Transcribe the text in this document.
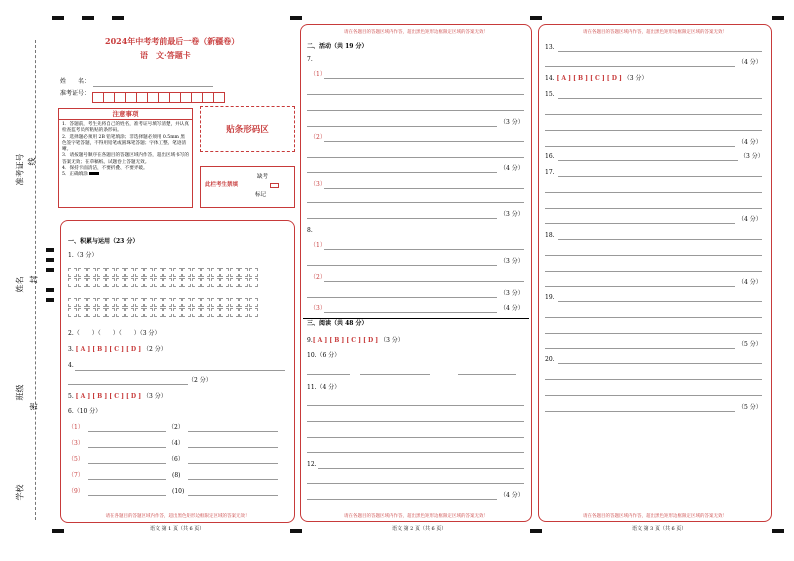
准考证号 线
姓名 封
班级
密
学校
2024年中考考前最后一卷（新疆卷）
语　文·答题卡
姓　　名：
准考证号：
注意事项
1．答题前，考生先将自己的姓名，准考证号填写清楚，并认真检查监考员所粘贴的条形码。
2．选择题必须用 2B 铅笔填涂；非选择题必须用 0.5mm 黑色签字笔答题，不得用铅笔或圆珠笔答题；字体工整、笔迹清晰。
3．请按题号顺序在各题目的答题区域内作答，超出区域书写的答案无效；在草稿纸、试题卷上答题无效。
4．保持卡面清洁，不要折叠、不要弄破。
5．正确填涂
贴条形码区
此栏考生禁填
缺考
标记
一、积累与运用（23 分）
1.（3 分）
2.（　　）（　　）（　　）（3 分）
3. [ A ] [ B ] [ C ] [ D ] （2 分）
4.
（2 分）
5. [ A ] [ B ] [ C ] [ D ] （3 分）
6.（10 分）
（1）	（2）
（3）	（4）
（5）	（6）
（7）	(8)
（9）	(10)
请在各题目的答题区域内作答，超出黑色矩形边框限定区域的答案无效！
语文 第 1 页（共 6 页）
请在各题目的答题区域内作答，超出黑色矩形边框限定区域的答案无效！
请在各题目的答题区域内作答，超出黑色矩形边框限定区域的答案无效！
二、活动（共 19 分）
7.
（1）
（3 分）
（2）
（4 分）
（3）
（3 分）
8.
（1）
（3 分）
（2）
（3 分）
（3）	（4 分）
三、阅读（共 48 分）
9.[ A ] [ B ] [ C ] [ D ] （3 分）
10.（6 分）
11.（4 分）
12.
（4 分）
语文 第 2 页（共 6 页）
请在各题目的答题区域内作答，超出黑色矩形边框限定区域的答案无效！
请在各题目的答题区域内作答，超出黑色矩形边框限定区域的答案无效！
13.
（4 分）
14. [ A ] [ B ] [ C ] [ D ] （3 分）
15.
（4 分）
16.	（3 分）
17.
（4 分）
18.
（4 分）
19.
（5 分）
20.
（5 分）
语文 第 3 页（共 6 页）
